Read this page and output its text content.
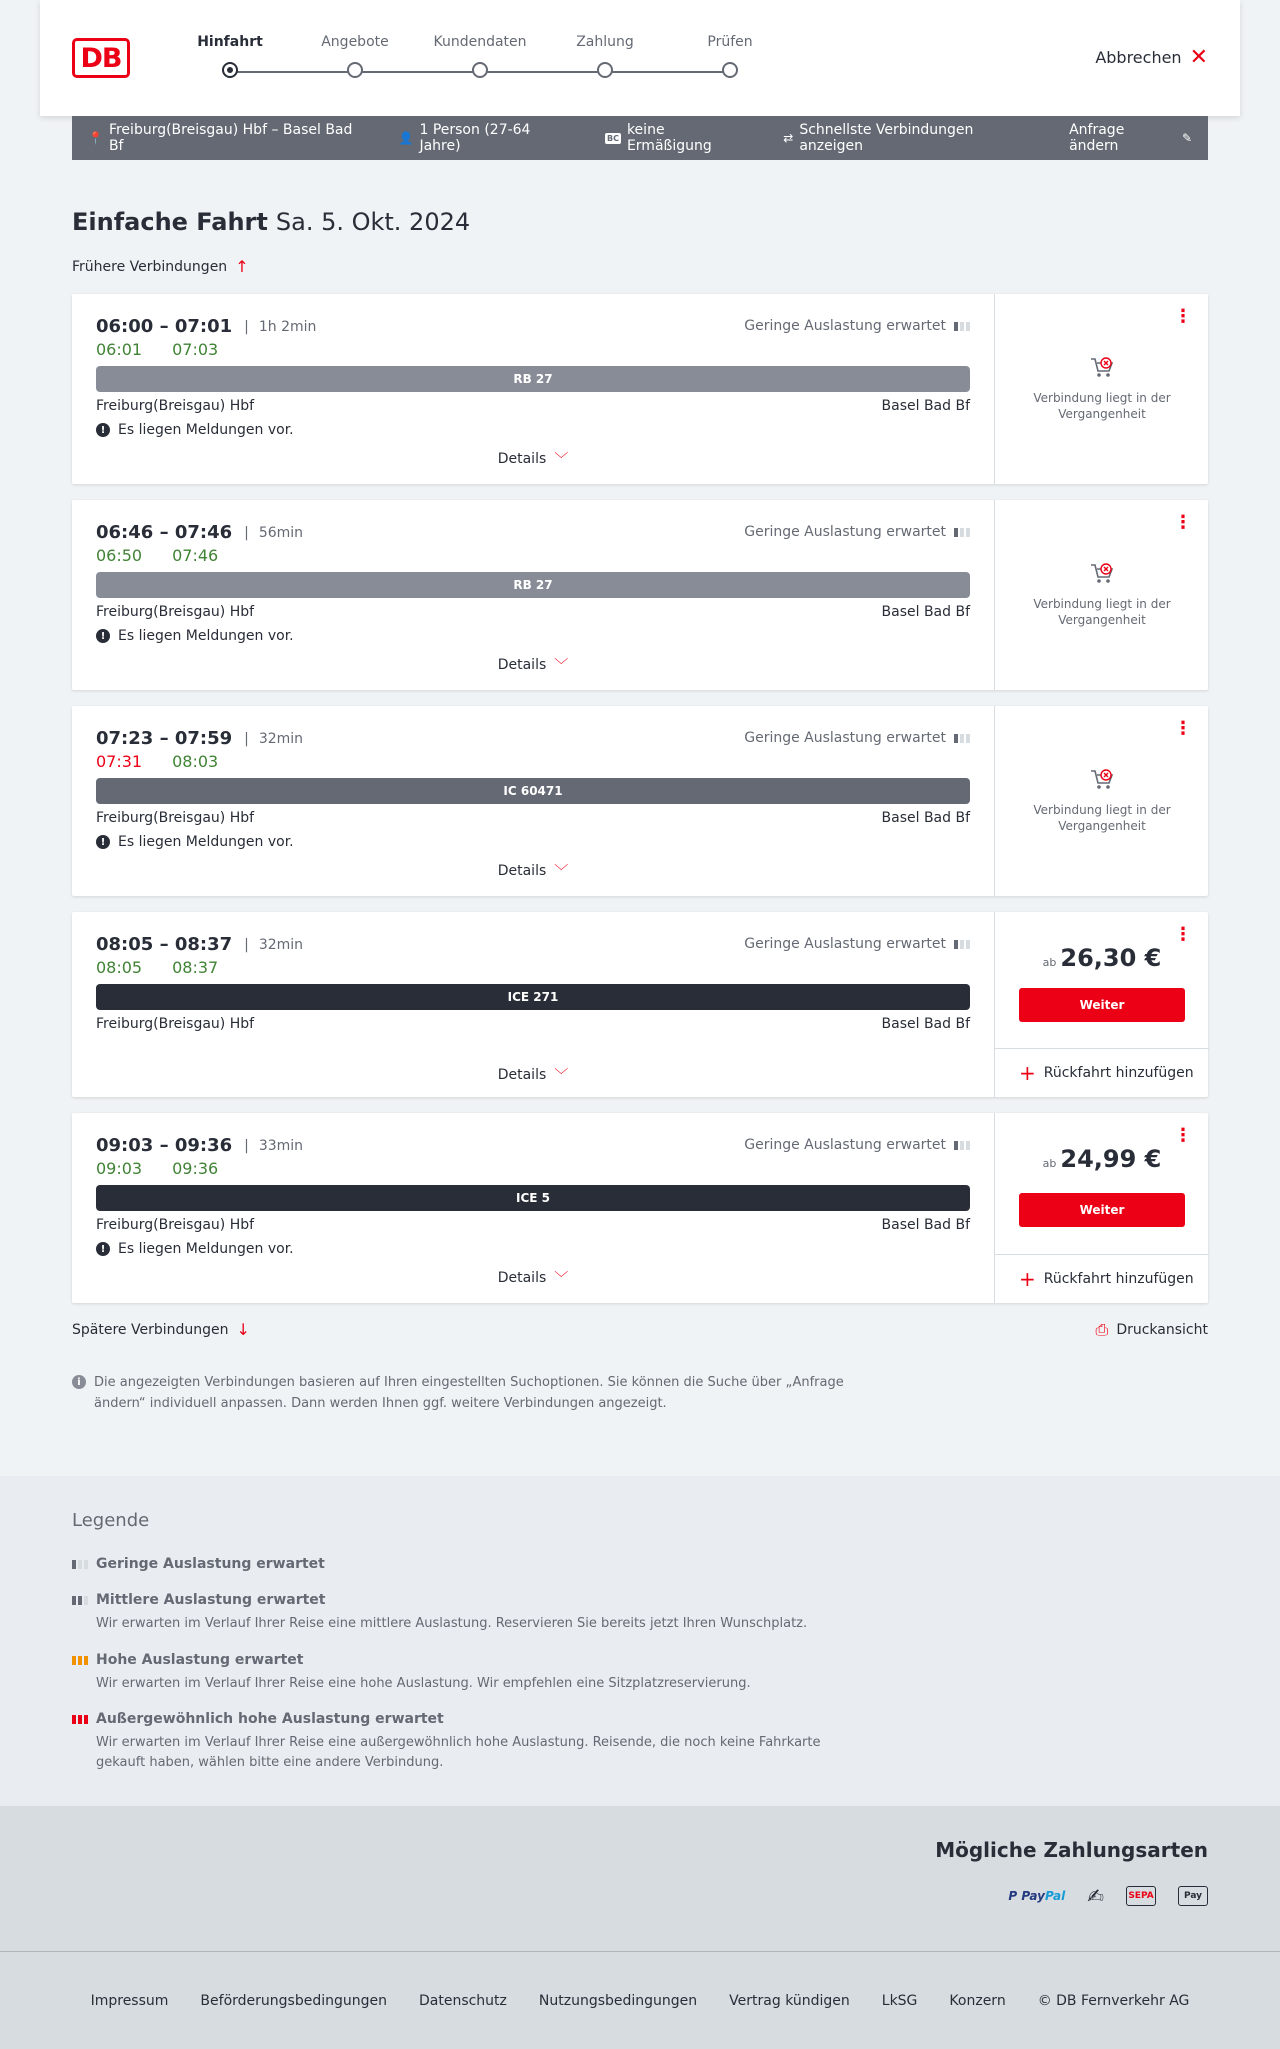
DB
Hinfahrt	Angebote	Kundendaten	Zahlung	Prüfen
Abbrechen ✕
📍 Freiburg(Breisgau) Hbf – Basel Bad Bf	👤 1 Person (27-64 Jahre)	BC keine Ermäßigung	⇄ Schnellste Verbindungen anzeigen
Anfrage ändern	✎
Einfache Fahrt Sa. 5. Okt. 2024
Frühere Verbindungen ↑
06:00 – 07:01 | 1h 2min
06:01 07:03
Geringe Auslastung erwartet
RB 27
Freiburg(Breisgau) Hbf	Basel Bad Bf
! Es liegen Meldungen vor.
Details ﹀
⋮
Verbindung liegt in der Vergangenheit
06:46 – 07:46 | 56min
06:50 07:46
Geringe Auslastung erwartet
RB 27
Freiburg(Breisgau) Hbf	Basel Bad Bf
! Es liegen Meldungen vor.
Details ﹀
⋮
Verbindung liegt in der Vergangenheit
07:23 – 07:59 | 32min
07:31 08:03
Geringe Auslastung erwartet
IC 60471
Freiburg(Breisgau) Hbf	Basel Bad Bf
! Es liegen Meldungen vor.
Details ﹀
⋮
Verbindung liegt in der Vergangenheit
08:05 – 08:37 | 32min
08:05 08:37
Geringe Auslastung erwartet
ICE 271
Freiburg(Breisgau) Hbf	Basel Bad Bf
Details ﹀
⋮
ab 26,30 €
Weiter
+ Rückfahrt hinzufügen
09:03 – 09:36 | 33min
09:03 09:36
Geringe Auslastung erwartet
ICE 5
Freiburg(Breisgau) Hbf	Basel Bad Bf
! Es liegen Meldungen vor.
Details ﹀
⋮
ab 24,99 €
Weiter
+ Rückfahrt hinzufügen
Spätere Verbindungen ↓	⎙ Druckansicht
i	Die angezeigten Verbindungen basieren auf Ihren eingestellten Suchoptionen. Sie können die Suche über „Anfrage ändern“ individuell anpassen. Dann werden Ihnen ggf. weitere Verbindungen angezeigt.
Legende
Geringe Auslastung erwartet
Mittlere Auslastung erwartet
Wir erwarten im Verlauf Ihrer Reise eine mittlere Auslastung. Reservieren Sie bereits jetzt Ihren Wunschplatz.
Hohe Auslastung erwartet
Wir erwarten im Verlauf Ihrer Reise eine hohe Auslastung. Wir empfehlen eine Sitzplatzreservierung.
Außergewöhnlich hohe Auslastung erwartet
Wir erwarten im Verlauf Ihrer Reise eine außergewöhnlich hohe Auslastung. Reisende, die noch keine Fahrkarte gekauft haben, wählen bitte eine andere Verbindung.
Mögliche Zahlungsarten
P PayPal ✍	SEPA	Pay
Impressum Beförderungsbedingungen Datenschutz Nutzungsbedingungen Vertrag kündigen LkSG Konzern © DB Fernverkehr AG
